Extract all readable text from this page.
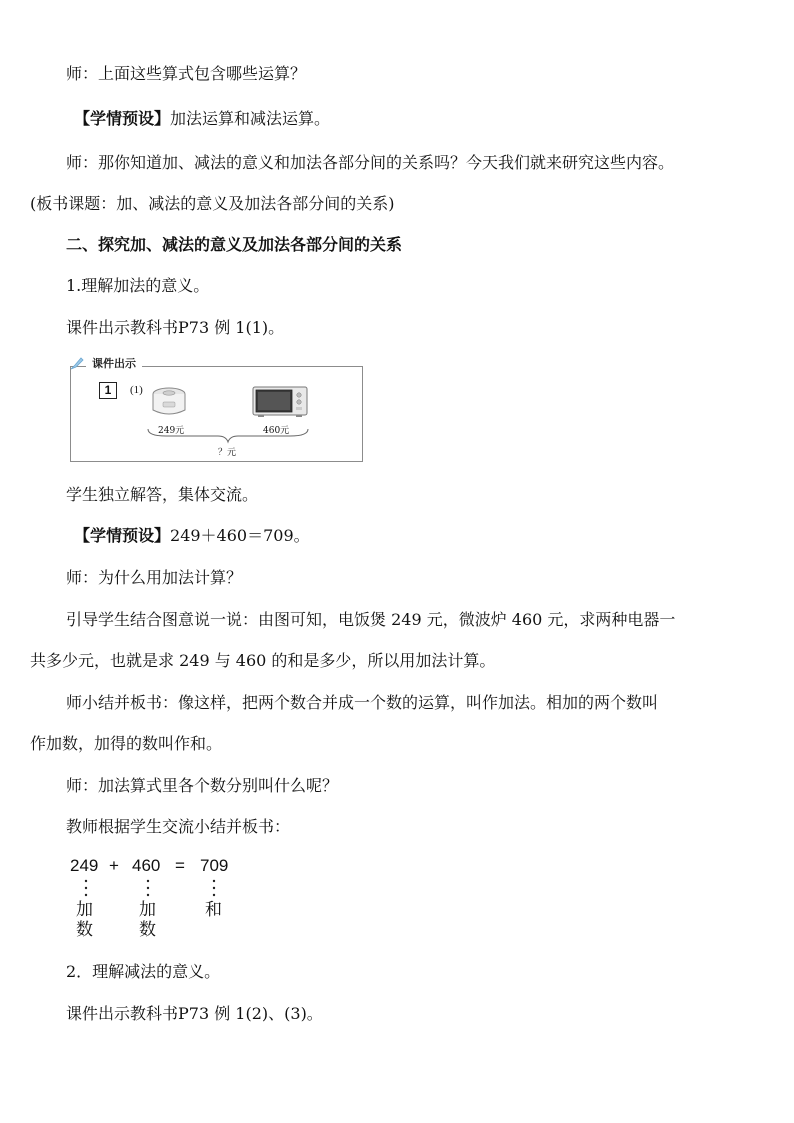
师：上面这些算式包含哪些运算？
【学情预设】加法运算和减法运算。
师：那你知道加、减法的意义和加法各部分间的关系吗？今天我们就来研究这些内容。
(板书课题：加、减法的意义及加法各部分间的关系)
二、探究加、减法的意义及加法各部分间的关系
1.理解加法的意义。
课件出示教科书P73 例 1(1)。
课件出示
1	(1)
249元	460元
？元
学生独立解答，集体交流。
【学情预设】249＋460＝709。
师：为什么用加法计算？
引导学生结合图意说一说：由图可知，电饭煲 249 元，微波炉 460 元，求两种电器一
共多少元，也就是求 249 与 460 的和是多少，所以用加法计算。
师小结并板书：像这样，把两个数合并成一个数的运算，叫作加法。相加的两个数叫
作加数，加得的数叫作和。
师：加法算式里各个数分别叫什么呢？
教师根据学生交流小结并板书：
249 + 460 = 709
加
数
加
数
和
2．理解减法的意义。
课件出示教科书P73 例 1(2)、(3)。
